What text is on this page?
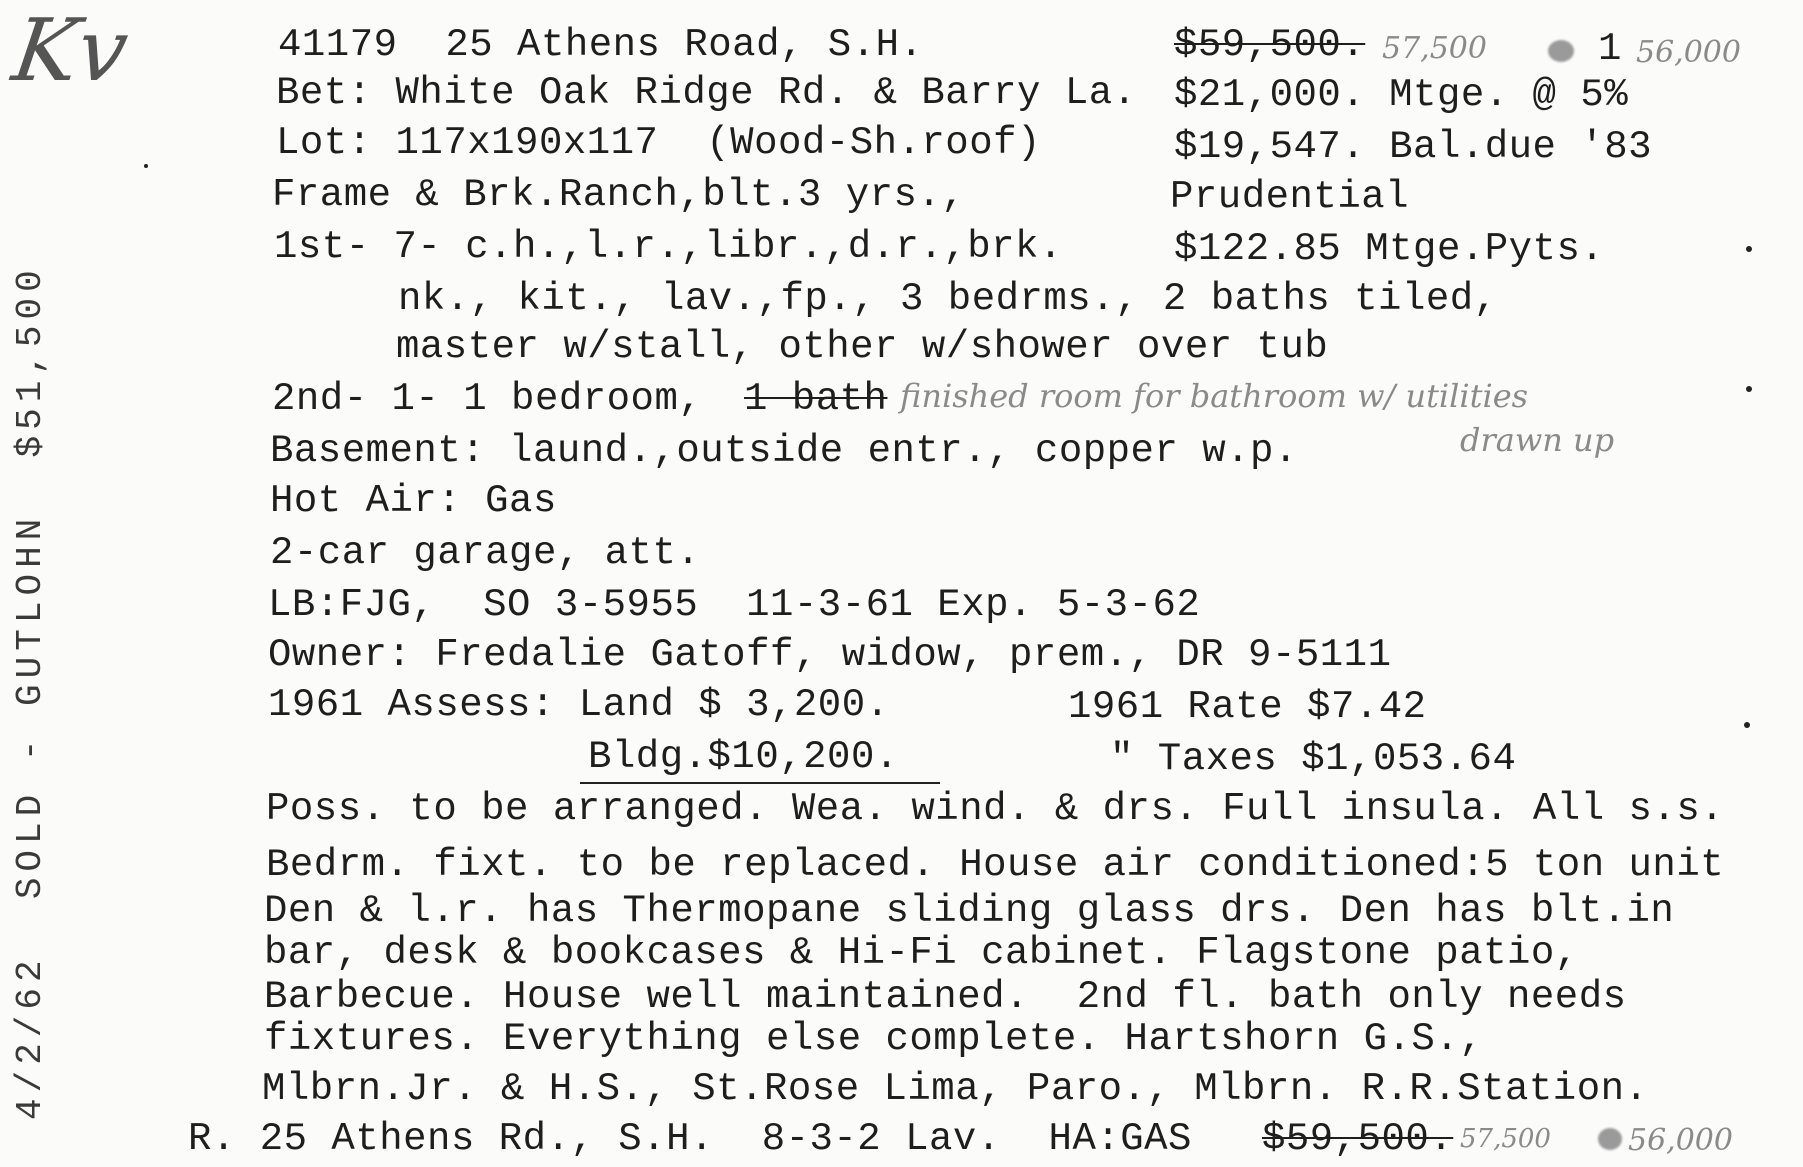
Kv
4/2/62  SOLD - GUTLOHN  $51,500
41179  25 Athens Road, S.H.
Bet: White Oak Ridge Rd. & Barry La.
Lot: 117x190x117  (Wood-Sh.roof)
Frame & Brk.Ranch,blt.3 yrs.,
1st- 7- c.h.,l.r.,libr.,d.r.,brk.
nk., kit., lav.,fp., 3 bedrms., 2 baths tiled,
master w/stall, other w/shower over tub
2nd- 1- 1 bedroom, 1 bath
Basement: laund.,outside entr., copper w.p.
Hot Air: Gas
2-car garage, att.
LB:FJG,  SO 3-5955  11-3-61 Exp. 5-3-62
Owner: Fredalie Gatoff, widow, prem., DR 9-5111
1961 Assess: Land $ 3,200.
Bldg.$10,200.
Poss. to be arranged. Wea. wind. & drs. Full insula. All s.s.
Bedrm. fixt. to be replaced. House air conditioned:5 ton unit
Den & l.r. has Thermopane sliding glass drs. Den has blt.in
bar, desk & bookcases & Hi-Fi cabinet. Flagstone patio,
Barbecue. House well maintained.  2nd fl. bath only needs
fixtures. Everything else complete. Hartshorn G.S.,
Mlbrn.Jr. & H.S., St.Rose Lima, Paro., Mlbrn. R.R.Station.
$59,500. 57,500	1 56,000
$21,000. Mtge. @ 5%
$19,547. Bal.due '83
Prudential
$122.85 Mtge.Pyts.
1961 Rate $7.42
" Taxes $1,053.64
finished room for bathroom w/ utilities
drawn up
R. 25 Athens Rd., S.H.  8-3-2 Lav.  HA:GAS $59,500. 57,500	56,000
